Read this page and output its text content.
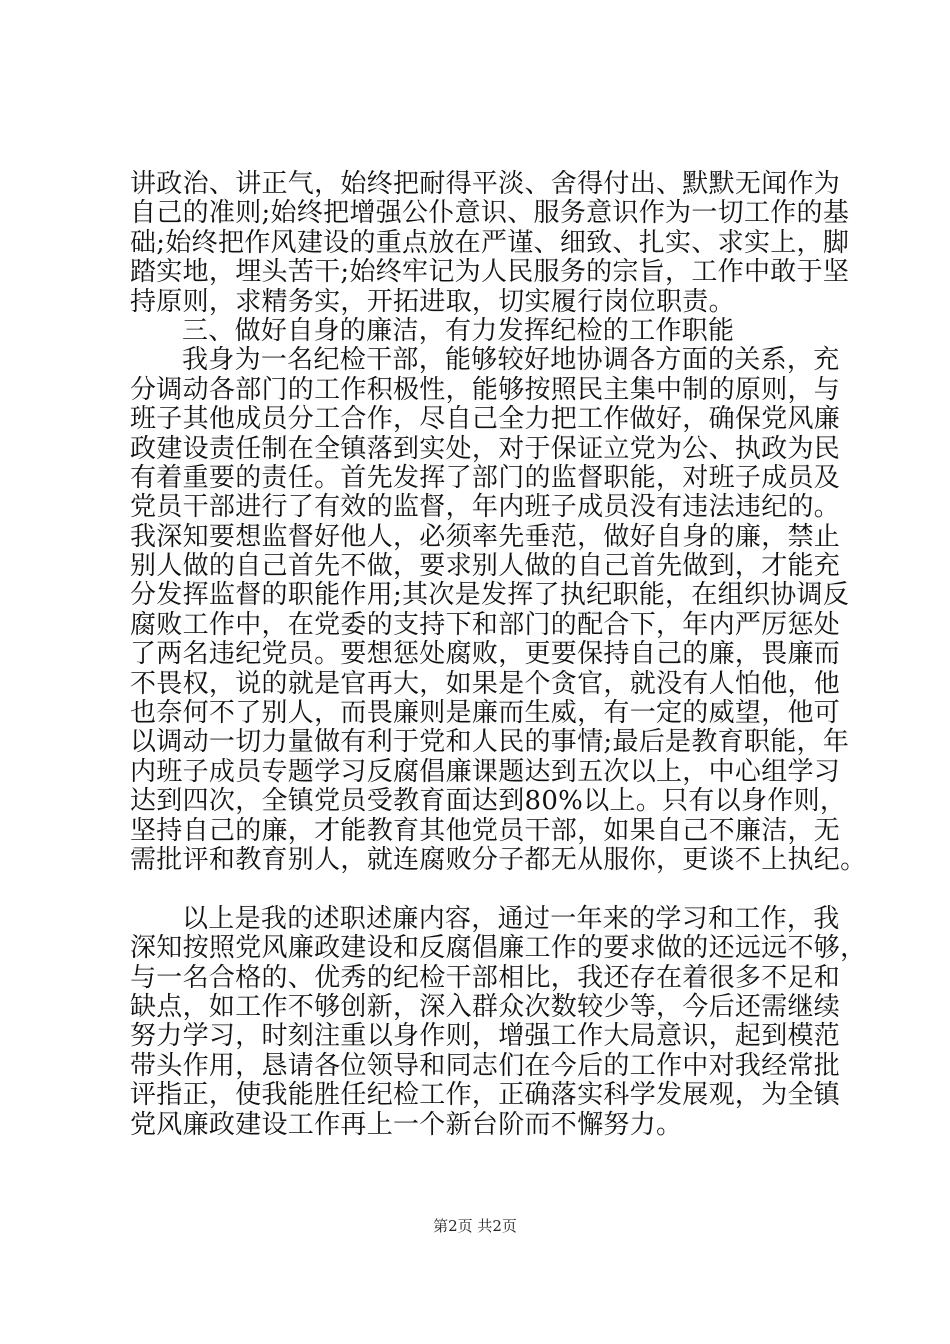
讲政治、讲正气，始终把耐得平淡、舍得付出、默默无闻作为
自己的准则;始终把增强公仆意识、服务意识作为一切工作的基
础;始终把作风建设的重点放在严谨、细致、扎实、求实上，脚
踏实地，埋头苦干;始终牢记为人民服务的宗旨，工作中敢于坚
持原则，求精务实，开拓进取，切实履行岗位职责。
三、做好自身的廉洁，有力发挥纪检的工作职能
我身为一名纪检干部，能够较好地协调各方面的关系，充
分调动各部门的工作积极性，能够按照民主集中制的原则，与
班子其他成员分工合作，尽自己全力把工作做好，确保党风廉
政建设责任制在全镇落到实处，对于保证立党为公、执政为民
有着重要的责任。首先发挥了部门的监督职能，对班子成员及
党员干部进行了有效的监督，年内班子成员没有违法违纪的。
我深知要想监督好他人，必须率先垂范，做好自身的廉，禁止
别人做的自己首先不做，要求别人做的自己首先做到，才能充
分发挥监督的职能作用;其次是发挥了执纪职能，在组织协调反
腐败工作中，在党委的支持下和部门的配合下，年内严厉惩处
了两名违纪党员。要想惩处腐败，更要保持自己的廉，畏廉而
不畏权，说的就是官再大，如果是个贪官，就没有人怕他，他
也奈何不了别人，而畏廉则是廉而生威，有一定的威望，他可
以调动一切力量做有利于党和人民的事情;最后是教育职能，年
内班子成员专题学习反腐倡廉课题达到五次以上，中心组学习
达到四次，全镇党员受教育面达到80%以上。只有以身作则，
坚持自己的廉，才能教育其他党员干部，如果自己不廉洁，无
需批评和教育别人，就连腐败分子都无从服你，更谈不上执纪。
以上是我的述职述廉内容，通过一年来的学习和工作，我
深知按照党风廉政建设和反腐倡廉工作的要求做的还远远不够，
与一名合格的、优秀的纪检干部相比，我还存在着很多不足和
缺点，如工作不够创新，深入群众次数较少等，今后还需继续
努力学习，时刻注重以身作则，增强工作大局意识，起到模范
带头作用，恳请各位领导和同志们在今后的工作中对我经常批
评指正，使我能胜任纪检工作，正确落实科学发展观，为全镇
党风廉政建设工作再上一个新台阶而不懈努力。
第2页 共2页
